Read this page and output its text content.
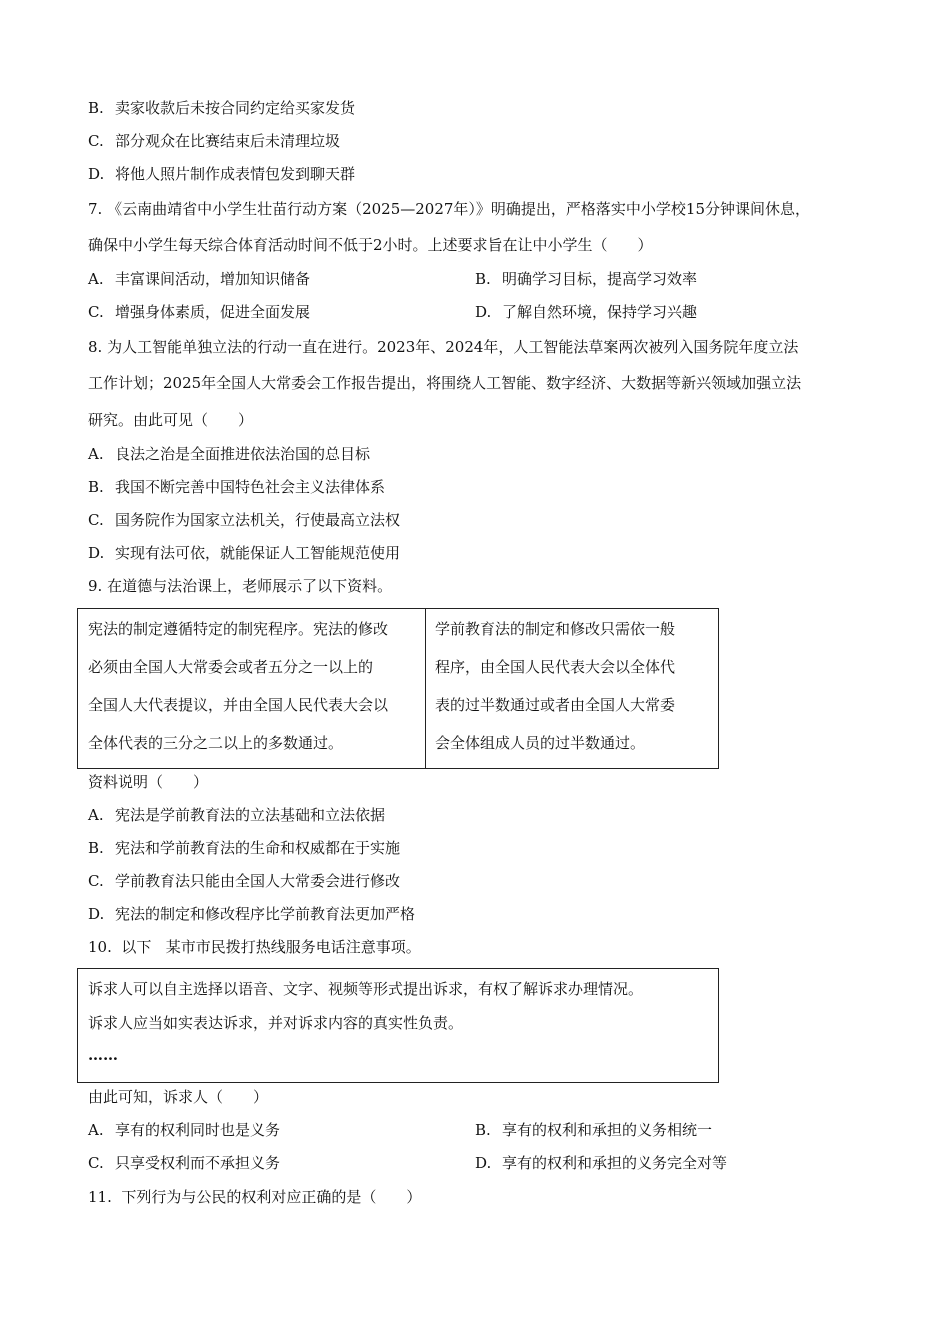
B. 卖家收款后未按合同约定给买家发货
C. 部分观众在比赛结束后未清理垃圾
D. 将他人照片制作成表情包发到聊天群
7. 《云南曲靖省中小学生壮苗行动方案（2025—2027年）》明确提出，严格落实中小学校15分钟课间休息，
确保中小学生每天综合体育活动时间不低于2小时。上述要求旨在让中小学生（　　）
A. 丰富课间活动，增加知识储备	B. 明确学习目标，提高学习效率
C. 增强身体素质，促进全面发展	D. 了解自然环境，保持学习兴趣
8. 为人工智能单独立法的行动一直在进行。2023年、2024年，人工智能法草案两次被列入国务院年度立法
工作计划；2025年全国人大常委会工作报告提出，将围绕人工智能、数字经济、大数据等新兴领域加强立法
研究。由此可见（　　）
A. 良法之治是全面推进依法治国的总目标
B. 我国不断完善中国特色社会主义法律体系
C. 国务院作为国家立法机关，行使最高立法权
D. 实现有法可依，就能保证人工智能规范使用
9. 在道德与法治课上，老师展示了以下资料。
宪法的制定遵循特定的制宪程序。宪法的修改
必须由全国人大常委会或者五分之一以上的
全国人大代表提议，并由全国人民代表大会以
全体代表的三分之二以上的多数通过。
学前教育法的制定和修改只需依一般
程序，由全国人民代表大会以全体代
表的过半数通过或者由全国人大常委
会全体组成人员的过半数通过。
资料说明（　　）
A. 宪法是学前教育法的立法基础和立法依据
B. 宪法和学前教育法的生命和权威都在于实施
C. 学前教育法只能由全国人大常委会进行修改
D. 宪法的制定和修改程序比学前教育法更加严格
10.  以下   某市市民拨打热线服务电话注意事项。
诉求人可以自主选择以语音、文字、视频等形式提出诉求，有权了解诉求办理情况。
诉求人应当如实表达诉求，并对诉求内容的真实性负责。
……
由此可知，诉求人（　　）
A. 享有的权利同时也是义务	B. 享有的权利和承担的义务相统一
C. 只享受权利而不承担义务	D. 享有的权利和承担的义务完全对等
11.  下列行为与公民的权利对应正确的是（　　）
